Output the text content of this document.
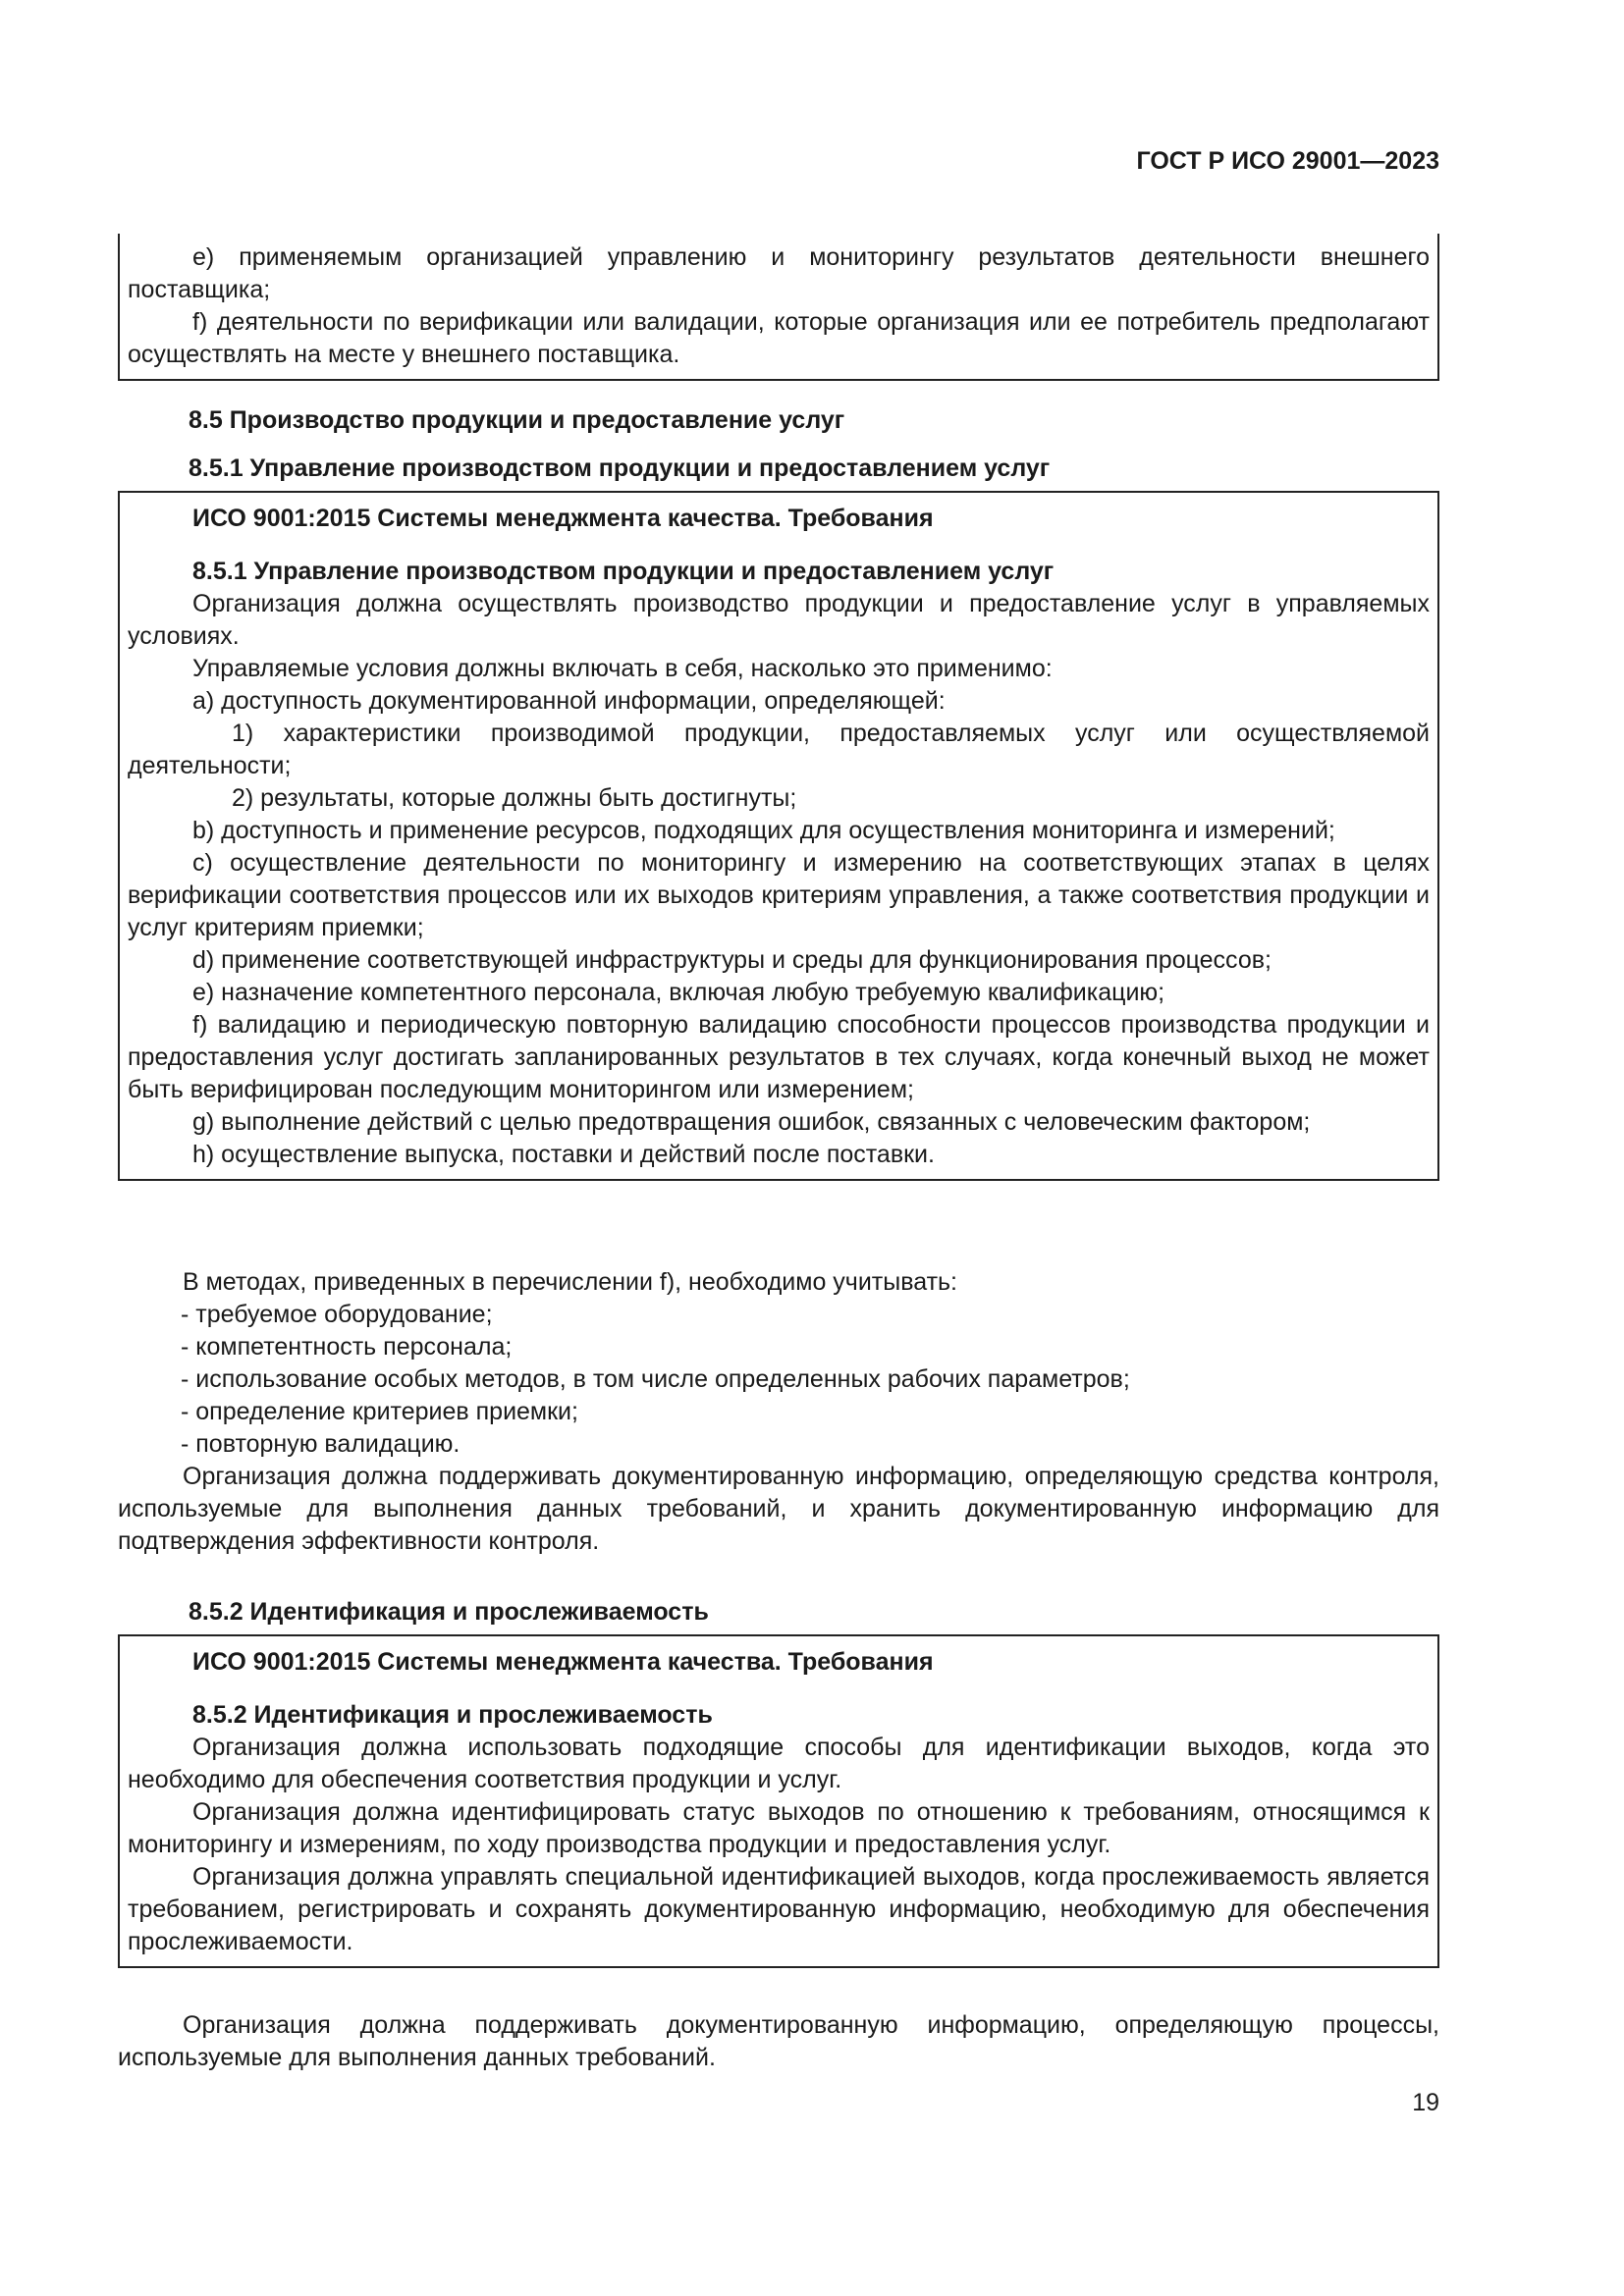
ГОСТ Р ИСО 29001—2023

e) применяемым организацией управлению и мониторингу результатов деятельности внешнего поставщика;

f) деятельности по верификации или валидации, которые организация или ее потребитель предполагают осуществлять на месте у внешнего поставщика.

8.5 Производство продукции и предоставление услуг
8.5.1 Управление производством продукции и предоставлением услуг

ИСО 9001:2015 Системы менеджмента качества. Требования

8.5.1 Управление производством продукции и предоставлением услуг

Организация должна осуществлять производство продукции и предоставление услуг в управляемых условиях.

Управляемые условия должны включать в себя, насколько это применимо:

a) доступность документированной информации, определяющей:

1) характеристики производимой продукции, предоставляемых услуг или осуществляемой деятельности;

2) результаты, которые должны быть достигнуты;

b) доступность и применение ресурсов, подходящих для осуществления мониторинга и измерений;

c) осуществление деятельности по мониторингу и измерению на соответствующих этапах в целях верификации соответствия процессов или их выходов критериям управления, а также соответствия продукции и услуг критериям приемки;

d) применение соответствующей инфраструктуры и среды для функционирования процессов;

e) назначение компетентного персонала, включая любую требуемую квалификацию;

f) валидацию и периодическую повторную валидацию способности процессов производства продукции и предоставления услуг достигать запланированных результатов в тех случаях, когда конечный выход не может быть верифицирован последующим мониторингом или измерением;

g) выполнение действий с целью предотвращения ошибок, связанных с человеческим фактором;

h) осуществление выпуска, поставки и действий после поставки.

В методах, приведенных в перечислении f), необходимо учитывать:

- требуемое оборудование;

- компетентность персонала;

- использование особых методов, в том числе определенных рабочих параметров;

- определение критериев приемки;

- повторную валидацию.

Организация должна поддерживать документированную информацию, определяющую средства контроля, используемые для выполнения данных требований, и хранить документированную информацию для подтверждения эффективности контроля.

8.5.2 Идентификация и прослеживаемость

ИСО 9001:2015 Системы менеджмента качества. Требования

8.5.2 Идентификация и прослеживаемость

Организация должна использовать подходящие способы для идентификации выходов, когда это необходимо для обеспечения соответствия продукции и услуг.

Организация должна идентифицировать статус выходов по отношению к требованиям, относящимся к мониторингу и измерениям, по ходу производства продукции и предоставления услуг.

Организация должна управлять специальной идентификацией выходов, когда прослеживаемость является требованием, регистрировать и сохранять документированную информацию, необходимую для обеспечения прослеживаемости.

Организация должна поддерживать документированную информацию, определяющую процессы, используемые для выполнения данных требований.

19
